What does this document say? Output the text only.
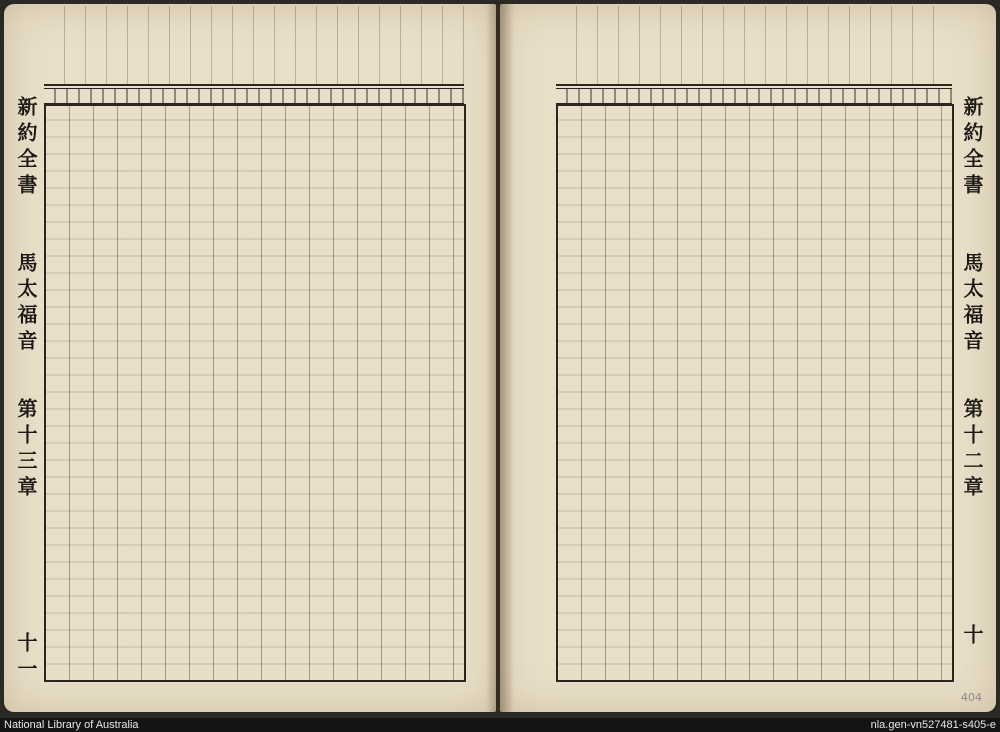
新約全書
馬太福音
第十三章
十一
新約全書
馬太福音
第十二章
十
404
National Library of Australia	nla.gen-vn527481-s405-e
